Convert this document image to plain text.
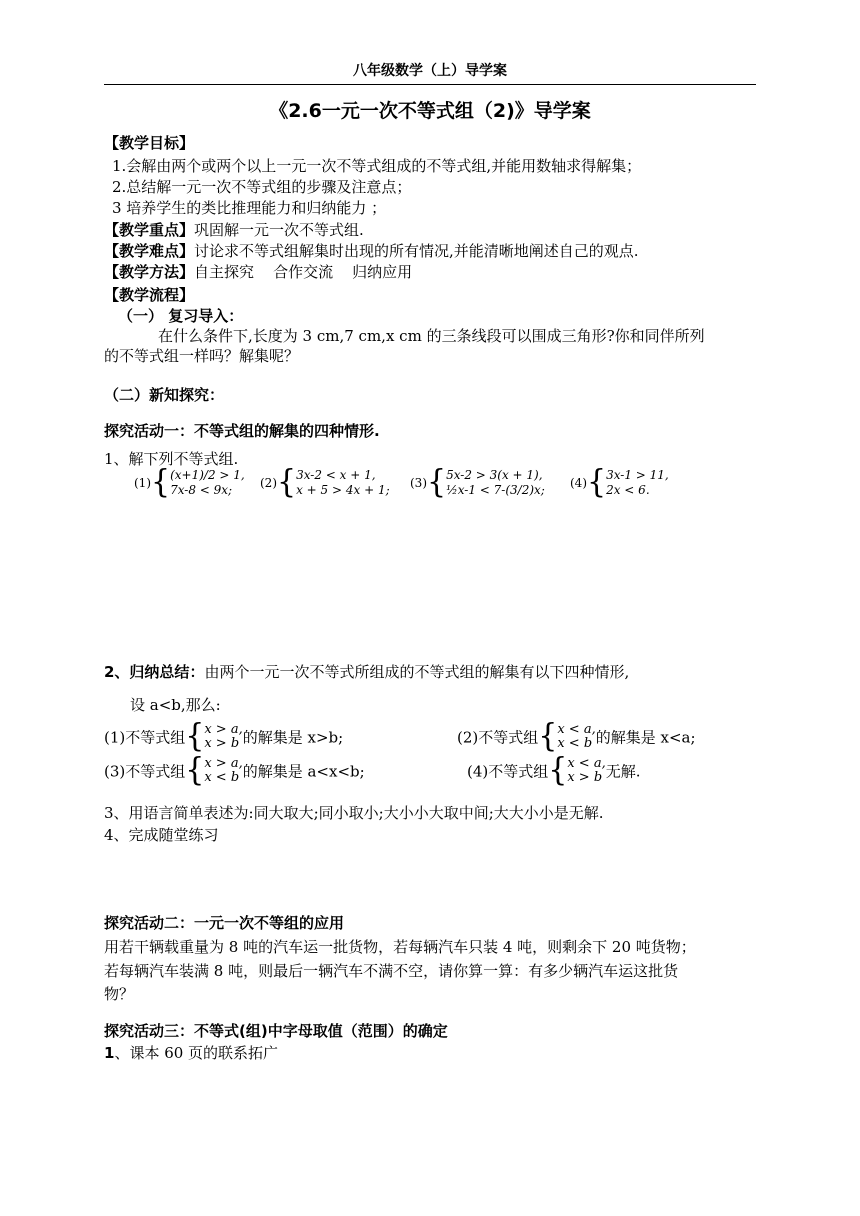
八年级数学（上）导学案
《2.6一元一次不等式组（2)》导学案
【教学目标】
1.会解由两个或两个以上一元一次不等式组成的不等式组,并能用数轴求得解集；
2.总结解一元一次不等式组的步骤及注意点；
3 培养学生的类比推理能力和归纳能力 ；
【教学重点】巩固解一元一次不等式组.
【教学难点】讨论求不等式组解集时出现的所有情况,并能清晰地阐述自己的观点.
【教学方法】自主探究    合作交流    归纳应用
【教学流程】
（一） 复习导入：
在什么条件下,长度为 3 cm,7 cm,x cm 的三条线段可以围成三角形?你和同伴所列
的不等式组一样吗？解集呢？
（二）新知探究：
探究活动一：不等式组的解集的四种情形.
1、解下列不等式组.
(1){(x+1)/2 > 1,
7x-8 < 9x;	(2){3x-2 < x + 1,
x + 5 > 4x + 1; (3){5x-2 > 3(x + 1),
½x-1 < 7-(3/2)x; (4){3x-1 > 11,
2x < 6.
2、归纳总结：由两个一元一次不等式所组成的不等式组的解集有以下四种情形,
设 a<b,那么:
(1)不等式组{x > a,
x > b 的解集是 x>b;	(2)不等式组{x < a,
x < b 的解集是 x<a;
(3)不等式组{x > a,
x < b 的解集是 a<x<b;	(4)不等式组{x < a,
x > b 无解.
3、用语言简单表述为:同大取大;同小取小;大小小大取中间;大大小小是无解.
4、完成随堂练习
探究活动二：一元一次不等组的应用
用若干辆载重量为 8 吨的汽车运一批货物，若每辆汽车只装 4 吨，则剩余下 20 吨货物；
若每辆汽车装满 8 吨，则最后一辆汽车不满不空，请你算一算：有多少辆汽车运这批货
物？
探究活动三：不等式(组)中字母取值（范围）的确定
1、课本 60 页的联系拓广
